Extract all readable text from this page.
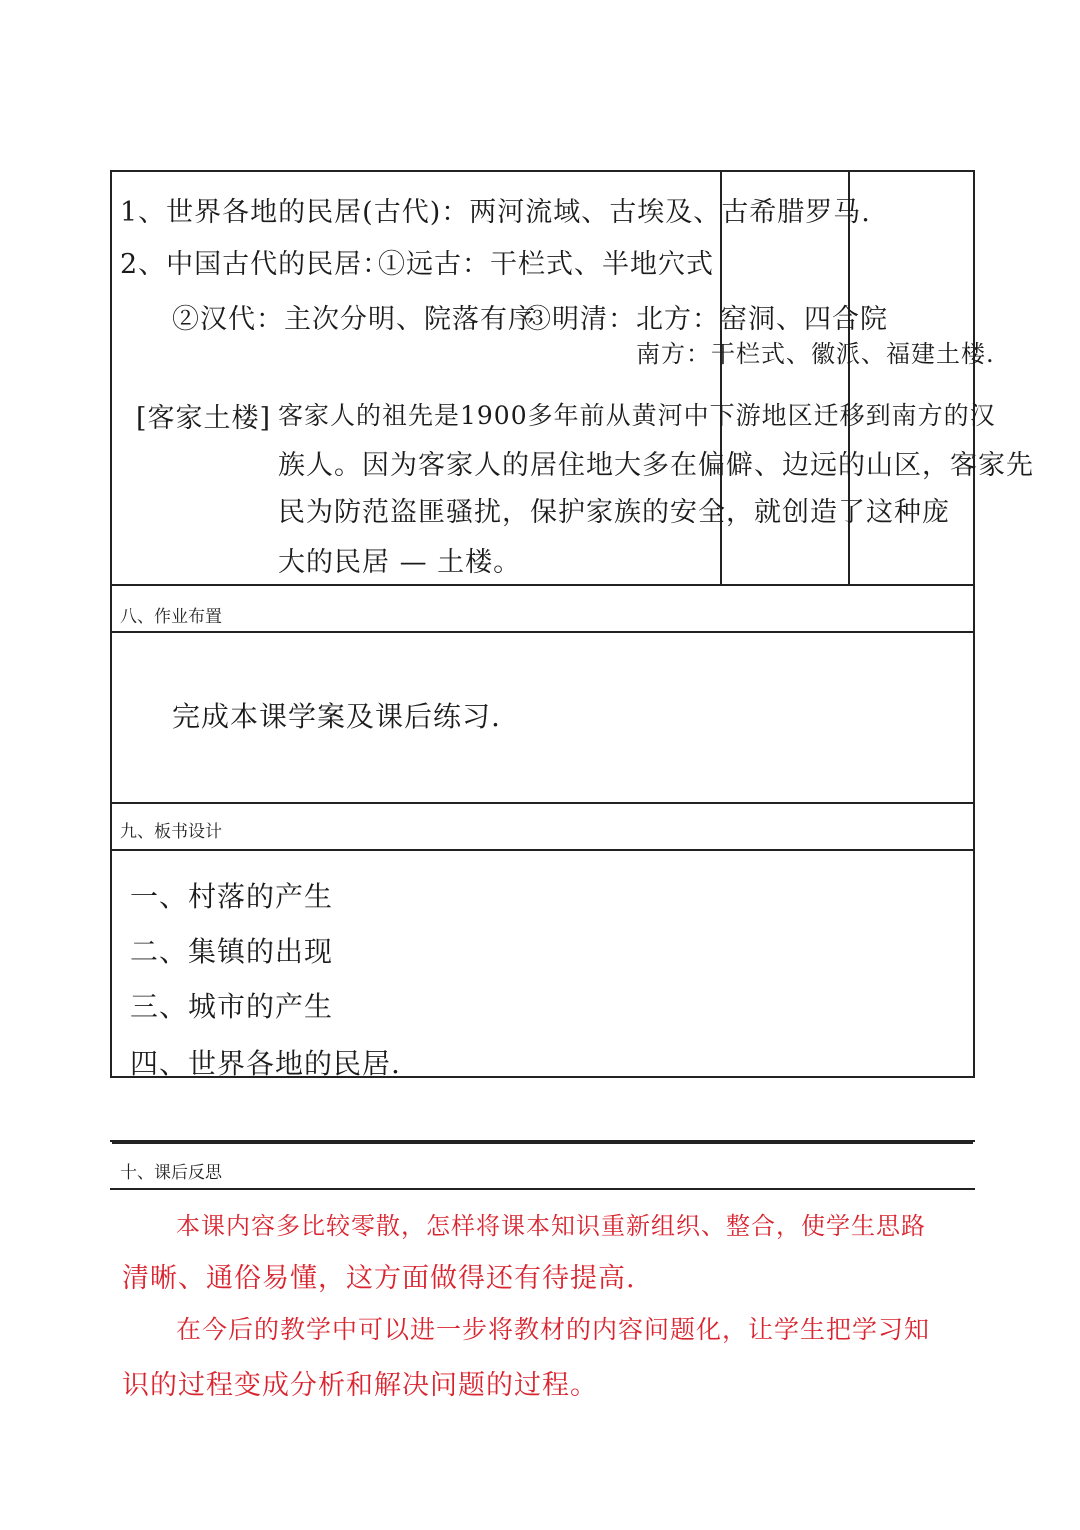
1、世界各地的民居(古代)：两河流域、古埃及、古希腊罗马.
2、中国古代的民居：
①远古：干栏式、半地穴式
②汉代：主次分明、院落有序
③明清：北方：窑洞、四合院
南方：干栏式、徽派、福建土楼.
[客家土楼] 客家人的祖先是1900多年前从黄河中下游地区迁移到南方的汉
族人。因为客家人的居住地大多在偏僻、边远的山区，客家先
民为防范盗匪骚扰，保护家族的安全，就创造了这种庞
大的民居 — 土楼。
八、作业布置
完成本课学案及课后练习.
九、板书设计
一、村落的产生
二、集镇的出现
三、城市的产生
四、世界各地的民居.
十、课后反思
本课内容多比较零散，怎样将课本知识重新组织、整合，使学生思路
清晰、通俗易懂，这方面做得还有待提高.
在今后的教学中可以进一步将教材的内容问题化，让学生把学习知
识的过程变成分析和解决问题的过程。
